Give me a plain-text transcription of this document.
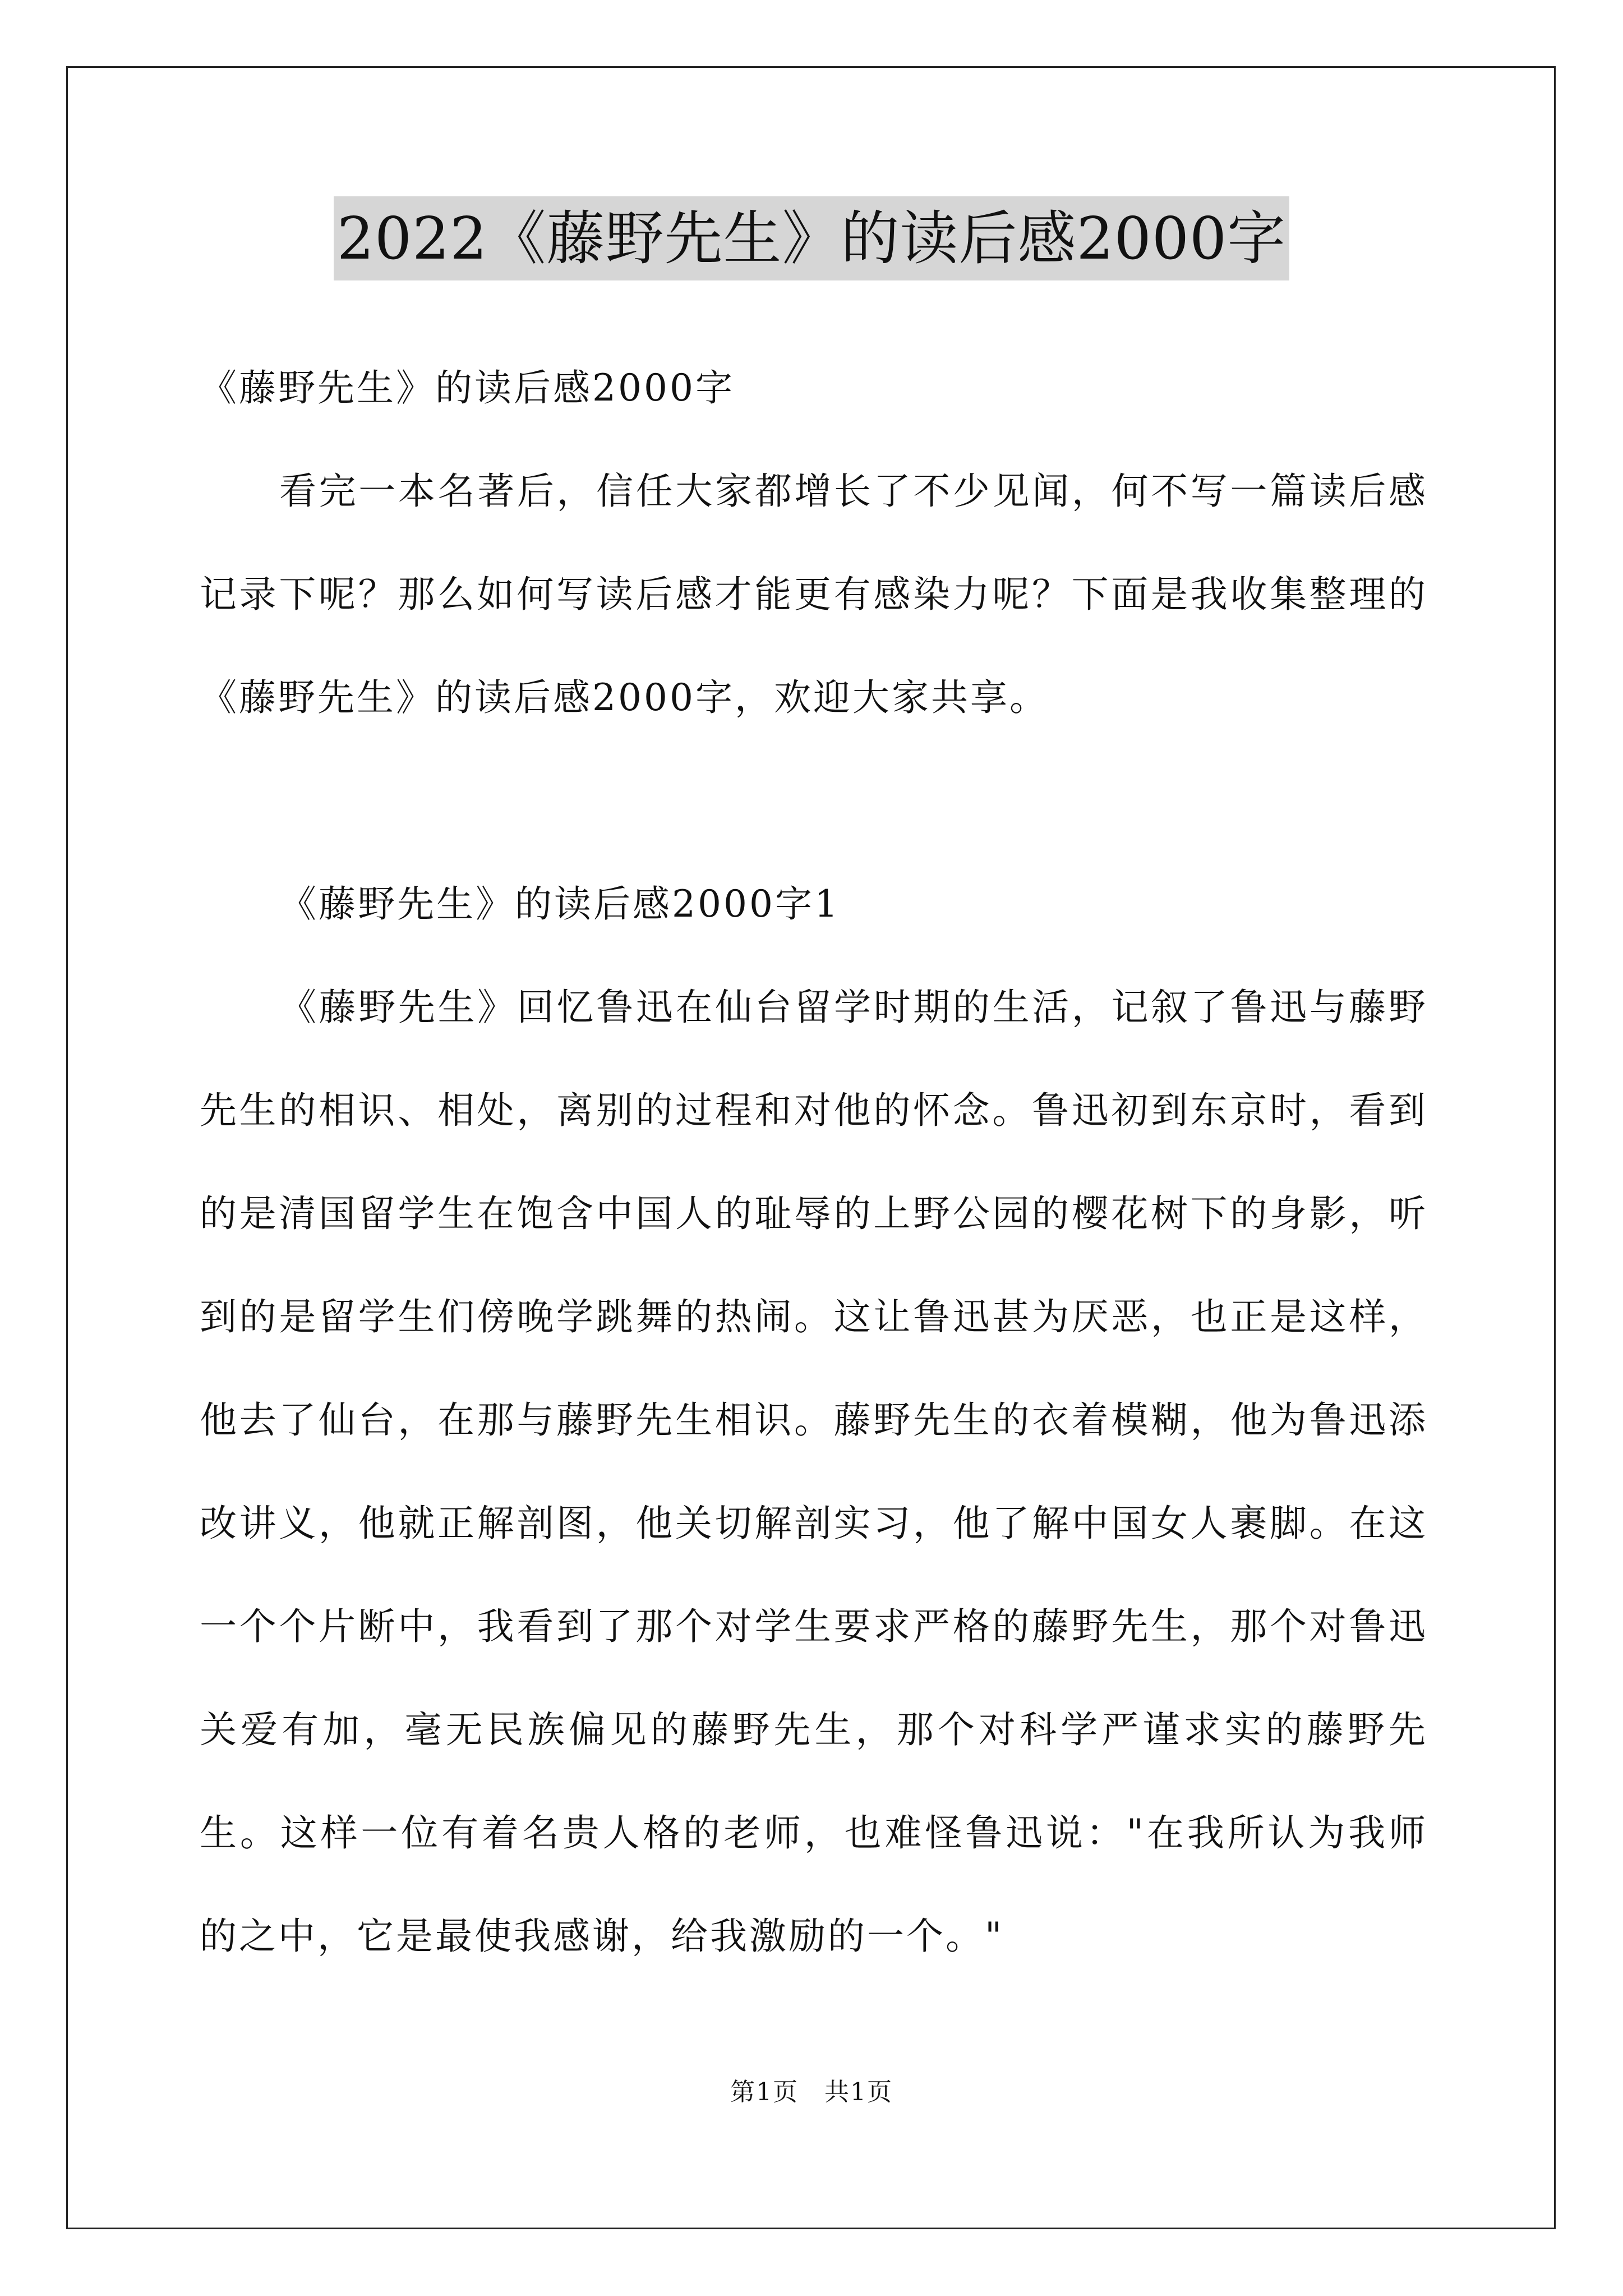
2022《藤野先生》的读后感2000字

《藤野先生》的读后感2000字

看完一本名著后，信任大家都增长了不少见闻，何不写一篇读后感记录下呢？那么如何写读后感才能更有感染力呢？下面是我收集整理的《藤野先生》的读后感2000字，欢迎大家共享。

《藤野先生》的读后感2000字1

《藤野先生》回忆鲁迅在仙台留学时期的生活，记叙了鲁迅与藤野先生的相识、相处，离别的过程和对他的怀念。鲁迅初到东京时，看到的是清国留学生在饱含中国人的耻辱的上野公园的樱花树下的身影，听到的是留学生们傍晚学跳舞的热闹。这让鲁迅甚为厌恶，也正是这样，他去了仙台，在那与藤野先生相识。藤野先生的衣着模糊，他为鲁迅添改讲义，他就正解剖图，他关切解剖实习，他了解中国女人裹脚。在这一个个片断中，我看到了那个对学生要求严格的藤野先生，那个对鲁迅关爱有加，毫无民族偏见的藤野先生，那个对科学严谨求实的藤野先生。这样一位有着名贵人格的老师，也难怪鲁迅说："在我所认为我师的之中，它是最使我感谢，给我激励的一个。"

第1页　共1页
